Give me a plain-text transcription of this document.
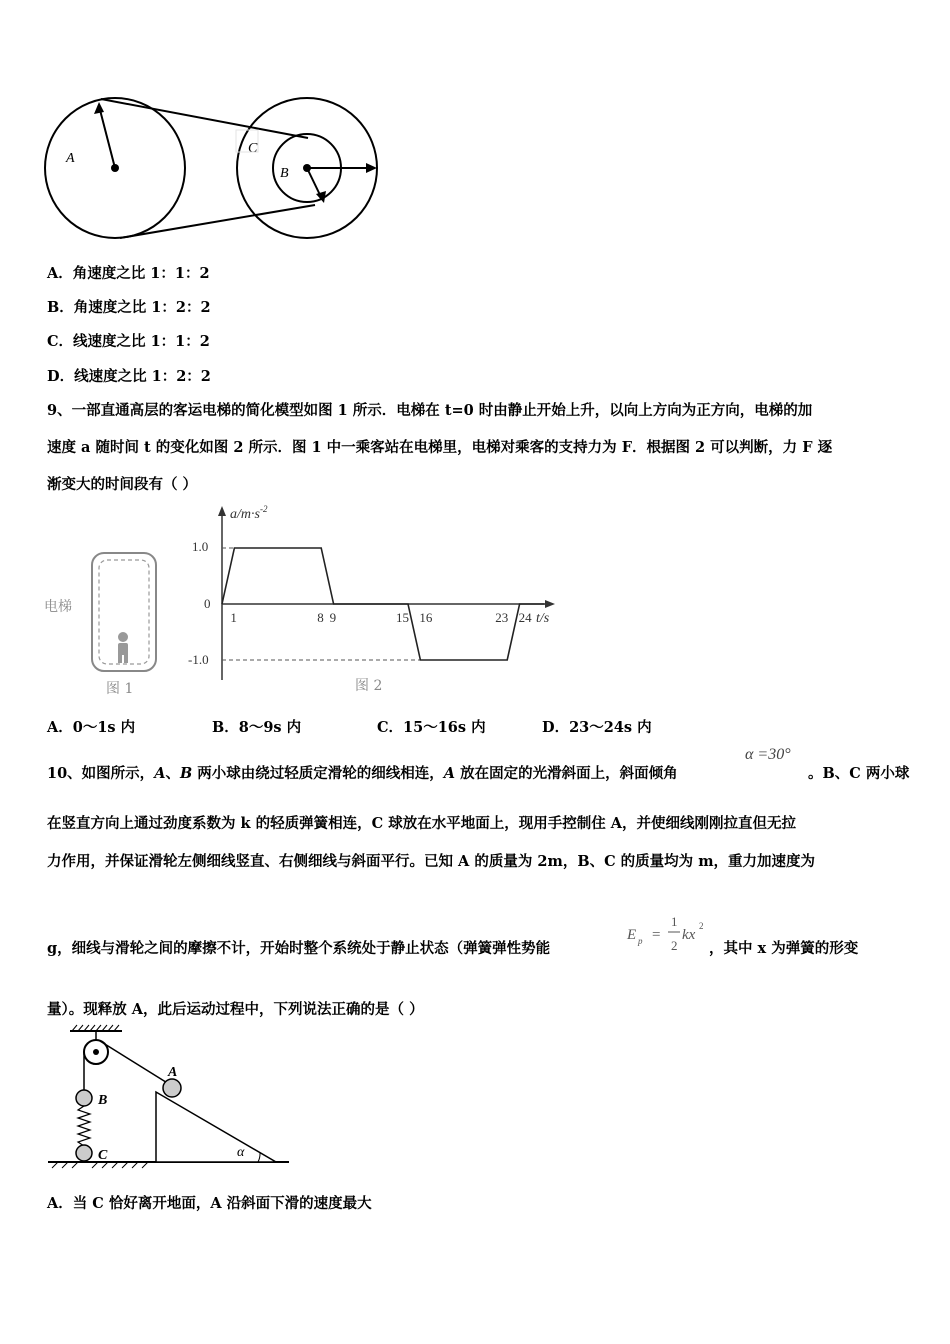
A
C
B
A．角速度之比 1：1：2
B．角速度之比 1：2：2
C．线速度之比 1：1：2
D．线速度之比 1：2：2
9、一部直通高层的客运电梯的简化模型如图 1 所示．电梯在 t=0 时由静止开始上升，以向上方向为正方向，电梯的加
速度 a 随时间 t 的变化如图 2 所示．图 1 中一乘客站在电梯里，电梯对乘客的支持力为 F．根据图 2 可以判断，力 F 逐
渐变大的时间段有（ ）
电梯
图 1
$a/m\cdot s^{-2}$
t/s
1.0
0
-1.0
1	8 9	15 16	23 24
图 2
A．0～1s 内	B．8～9s 内	C．15～16s 内	D．23～24s 内
10、如图所示，A、B 两小球由绕过轻质定滑轮的细线相连，A 放在固定的光滑斜面上，斜面倾角
α =30°
。B、C 两小球
在竖直方向上通过劲度系数为 k 的轻质弹簧相连，C 球放在水平地面上，现用手控制住 A，并使细线刚刚拉直但无拉
力作用，并保证滑轮左侧细线竖直、右侧细线与斜面平行。已知 A 的质量为 2m，B、C 的质量均为 m，重力加速度为
g，细线与滑轮之间的摩擦不计，开始时整个系统处于静止状态（弹簧弹性势能
E p =
1
2
kx
2
，其中 x 为弹簧的形变
量）。现释放 A，此后运动过程中，下列说法正确的是（ ）
B
C
A
α
A．当 C 恰好离开地面，A 沿斜面下滑的速度最大
